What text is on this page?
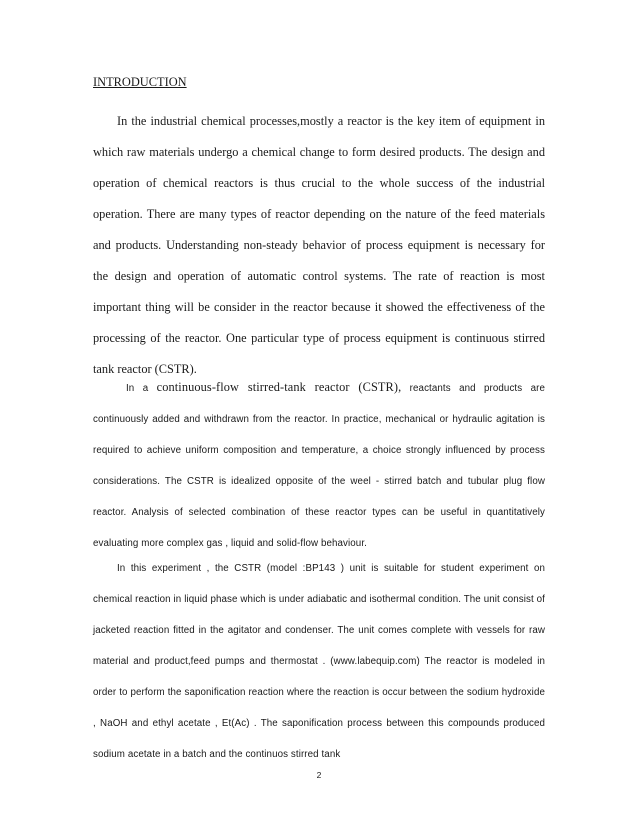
INTRODUCTION

In the industrial chemical processes,mostly a reactor is the key item of equipment in which raw materials undergo a chemical change to form desired products. The design and operation of chemical reactors is thus crucial to the whole success of the industrial operation. There are many types of reactor depending on the nature of the feed materials and products. Understanding non-steady behavior of process equipment is necessary for the design and operation of automatic control systems. The rate of reaction is most important thing will be consider in the reactor because it showed the effectiveness of the processing of the reactor. One particular type of process equipment is continuous stirred tank reactor (CSTR).

In a continuous-flow stirred-tank reactor (CSTR), reactants and products are continuously added and withdrawn from the reactor. In practice, mechanical or hydraulic agitation is required to achieve uniform composition and temperature, a choice strongly influenced by process considerations. The CSTR is idealized opposite of the weel - stirred batch and tubular plug flow reactor. Analysis of selected combination of these reactor types can be useful in quantitatively evaluating more complex gas , liquid and solid-flow behaviour.

In this experiment , the CSTR (model :BP143 ) unit is suitable for student experiment on chemical reaction in liquid phase which is under adiabatic and isothermal condition. The unit consist of jacketed reaction fitted in the agitator and condenser. The unit comes complete with vessels for raw material and product,feed pumps and thermostat . (www.labequip.com) The reactor is modeled in order to perform the saponification reaction where the reaction is occur between the sodium hydroxide , NaOH and ethyl acetate , Et(Ac) . The saponification process between this compounds produced sodium acetate in a batch and the continuos stirred tank

2
